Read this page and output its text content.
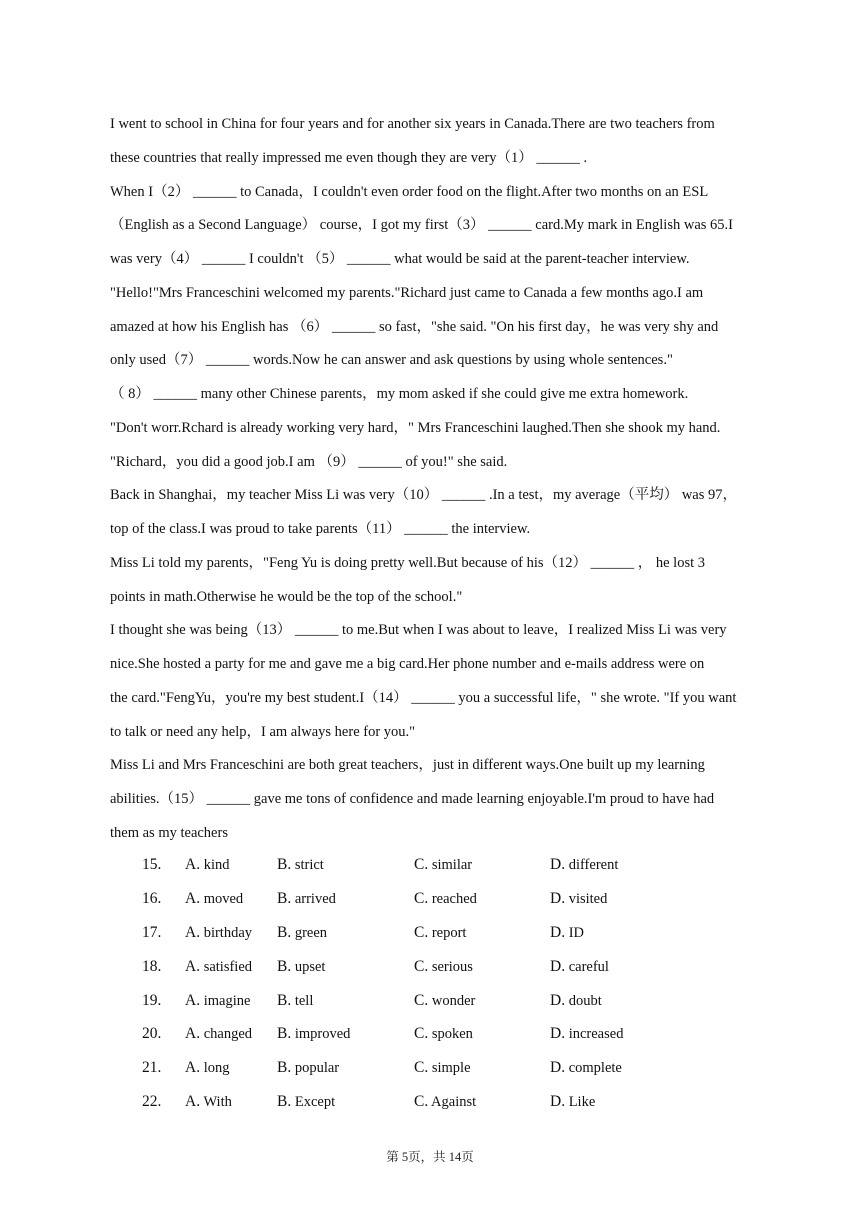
I went to school in China for four years and for another six years in Canada.There are two teachers from
these countries that really impressed me even though they are very（1） ______ .
When I（2） ______ to Canada，I couldn't even order food on the flight.After two months on an ESL
（English as a Second Language） course，I got my first（3） ______ card.My mark in English was 65.I
was very（4） ______ I couldn't （5） ______ what would be said at the parent-teacher interview.
"Hello!"Mrs Franceschini welcomed my parents."Richard just came to Canada a few months ago.I am
amazed at how his English has （6） ______ so fast，"she said. "On his first day，he was very shy and
only used（7） ______ words.Now he can answer and ask questions by using whole sentences."
（ 8） ______ many other Chinese parents，my mom asked if she could give me extra homework.
"Don't worr.Rchard is already working very hard，" Mrs Franceschini laughed.Then she shook my hand.
"Richard，you did a good job.I am （9） ______ of you!" she said.
Back in Shanghai，my teacher Miss Li was very（10） ______ .In a test，my average（平均） was 97，
top of the class.I was proud to take parents（11） ______ the interview.
Miss Li told my parents，"Feng Yu is doing pretty well.But because of his（12） ______ ， he lost 3
points in math.Otherwise he would be the top of the school."
I thought she was being（13） ______ to me.But when I was about to leave，I realized Miss Li was very
nice.She hosted a party for me and gave me a big card.Her phone number and e-mails address were on
the card."FengYu，you're my best student.I（14） ______ you a successful life，" she wrote. "If you want
to talk or need any help，I am always here for you."
Miss Li and Mrs Franceschini are both great teachers，just in different ways.One built up my learning
abilities.（15） ______ gave me tons of confidence and made learning enjoyable.I'm proud to have had
them as my teachers
15. A. kind	B. strict	C. similar	D. different
16. A. moved B. arrived	C. reached	D. visited
17. A. birthday B. green	C. report	D. ID
18. A. satisfied B. upset	C. serious	D. careful
19. A. imagine B. tell	C. wonder	D. doubt
20. A. changed B. improved	C. spoken	D. increased
21. A. long	B. popular	C. simple	D. complete
22. A. With	B. Except	C. Against	D. Like
第 5页，共 14页
